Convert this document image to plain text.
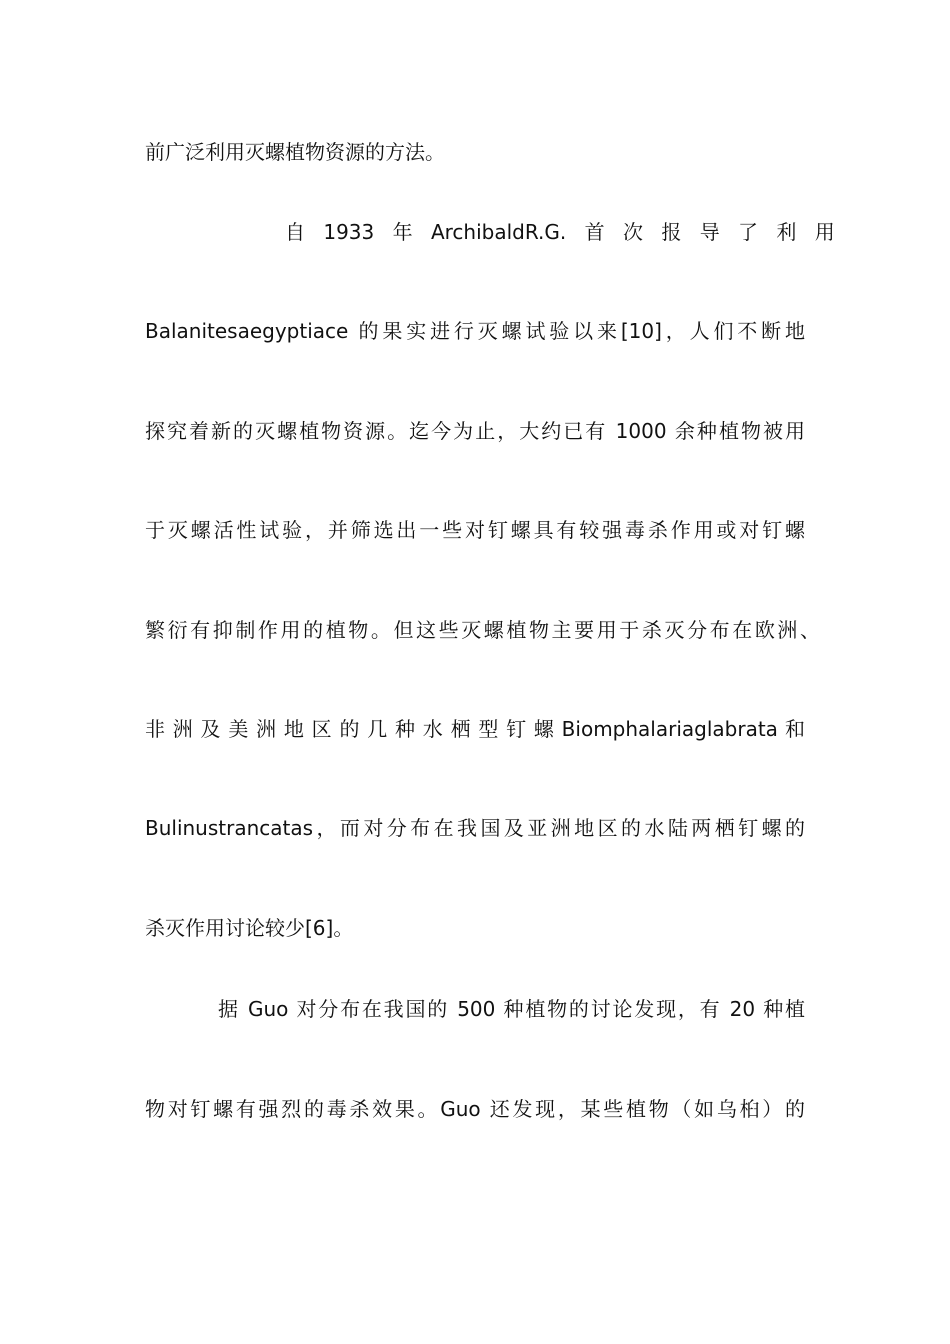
前广泛利用灭螺植物资源的方法。
自 1933 年 ArchibaldR.G. 首 次 报 导 了 利 用
Balanitesaegyptiace 的果实进行灭螺试验以来[10]，人们不断地
探究着新的灭螺植物资源。迄今为止，大约已有 1000 余种植物被用
于灭螺活性试验，并筛选出一些对钉螺具有较强毒杀作用或对钉螺
繁衍有抑制作用的植物。但这些灭螺植物主要用于杀灭分布在欧洲、
非 洲 及 美 洲 地 区 的 几 种 水 栖 型 钉 螺 Biomphalariaglabrata 和
Bulinustrancatas，而对分布在我国及亚洲地区的水陆两栖钉螺的
杀灭作用讨论较少[6]。
据 Guo 对分布在我国的 500 种植物的讨论发现，有 20 种植
物对钉螺有强烈的毒杀效果。Guo 还发现，某些植物（如乌桕）的
